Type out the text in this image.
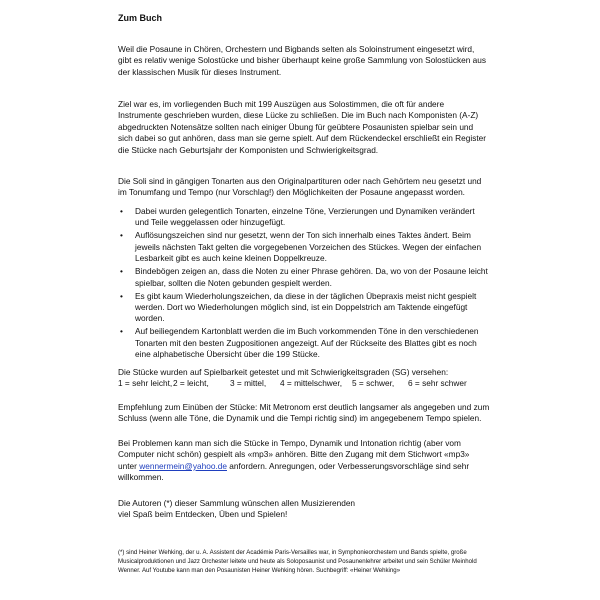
Zum Buch

Weil die Posaune in Chören, Orchestern und Bigbands selten als Soloinstrument eingesetzt wird, gibt es relativ wenige Solostücke und bisher überhaupt keine große Sammlung von Solostücken aus der klassischen Musik für dieses Instrument.

Ziel war es, im vorliegenden Buch mit 199 Auszügen aus Solostimmen, die oft für andere Instrumente geschrieben wurden, diese Lücke zu schließen. Die im Buch nach Komponisten (A-Z) abgedruckten Notensätze sollten nach einiger Übung für geübtere Posaunisten spielbar sein und sich dabei so gut anhören, dass man sie gerne spielt. Auf dem Rückendeckel erschließt ein Register die Stücke nach Geburtsjahr der Komponisten und Schwierigkeitsgrad.

Die Soli sind in gängigen Tonarten aus den Originalpartituren oder nach Gehörtem neu gesetzt und im Tonumfang und Tempo (nur Vorschlag!) den Möglichkeiten der Posaune angepasst worden.

• Dabei wurden gelegentlich Tonarten, einzelne Töne, Verzierungen und Dynamiken verändert und Teile weggelassen oder hinzugefügt.
• Auflösungszeichen sind nur gesetzt, wenn der Ton sich innerhalb eines Taktes ändert. Beim jeweils nächsten Takt gelten die vorgegebenen Vorzeichen des Stückes. Wegen der einfachen Lesbarkeit gibt es auch keine kleinen Doppelkreuze.
• Bindebögen zeigen an, dass die Noten zu einer Phrase gehören. Da, wo von der Posaune leicht spielbar, sollten die Noten gebunden gespielt werden.
• Es gibt kaum Wiederholungszeichen, da diese in der täglichen Übepraxis meist nicht gespielt werden. Dort wo Wiederholungen möglich sind, ist ein Doppelstrich am Taktende eingefügt worden.
• Auf beiliegendem Kartonblatt werden die im Buch vorkommenden Töne in den verschiedenen Tonarten mit den besten Zugpositionen angezeigt. Auf der Rückseite des Blattes gibt es noch eine alphabetische Übersicht über die 199 Stücke.
Die Stücke wurden auf Spielbarkeit getestet und mit Schwierigkeitsgraden (SG) versehen:
1 = sehr leicht, 2 = leicht,	3 = mittel,	4 = mittelschwer,	5 = schwer,	6 = sehr schwer

Empfehlung zum Einüben der Stücke: Mit Metronom erst deutlich langsamer als angegeben und zum Schluss (wenn alle Töne, die Dynamik und die Tempi richtig sind) im angegebenem Tempo spielen.

Bei Problemen kann man sich die Stücke in Tempo, Dynamik und Intonation richtig (aber vom Computer nicht schön) gespielt als «mp3» anhören. Bitte den Zugang mit dem Stichwort «mp3» unter wennermein@yahoo.de anfordern. Anregungen, oder Verbesserungsvorschläge sind sehr willkommen.

Die Autoren (*) dieser Sammlung wünschen allen Musizierenden
viel Spaß beim Entdecken, Üben und Spielen!

(*) sind Heiner Wehking, der u. A. Assistent der Académie Paris-Versailles war, in Symphonieorchestern und Bands spielte, große Musicalproduktionen und Jazz Orchester leitete und heute als Soloposaunist und Posaunenlehrer arbeitet und sein Schüler Meinhold Wenner. Auf Youtube kann man den Posaunisten Heiner Wehking hören. Suchbegriff: «Heiner Wehking»
